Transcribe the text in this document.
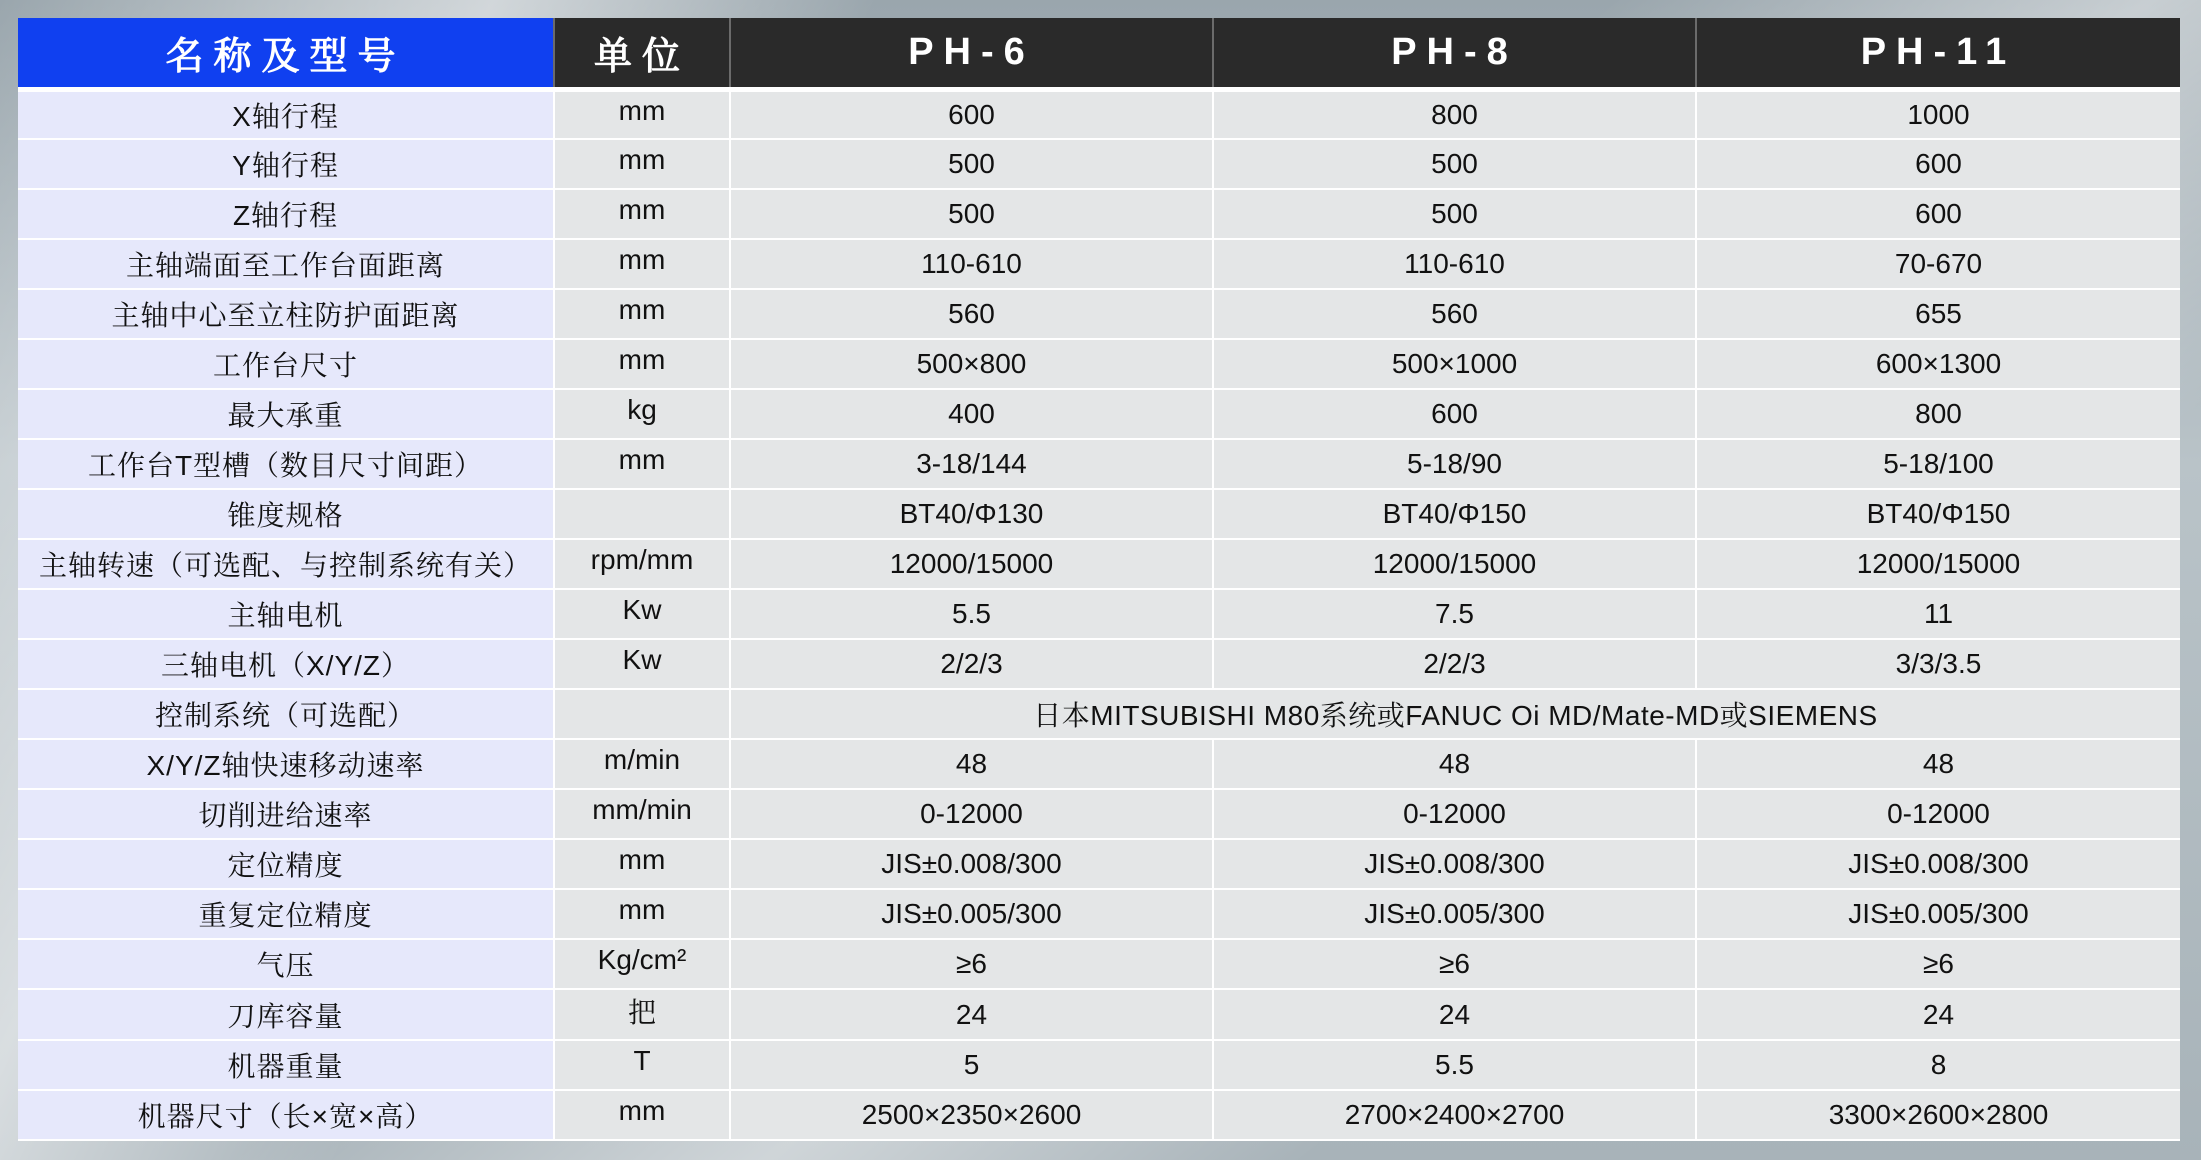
名称及型号	单位	PH-6	PH-8	PH-11
X轴行程	mm	600	800	1000
Y轴行程	mm	500	500	600
Z轴行程	mm	500	500	600
主轴端面至工作台面距离	mm	110-610	110-610	70-670
主轴中心至立柱防护面距离	mm	560	560	655
工作台尺寸	mm	500×800	500×1000	600×1300
最大承重	kg	400	600	800
工作台T型槽（数目尺寸间距）	mm	3-18/144	5-18/90	5-18/100
锥度规格		BT40/Φ130	BT40/Φ150	BT40/Φ150
主轴转速（可选配、与控制系统有关）	rpm/mm	12000/15000	12000/15000	12000/15000
主轴电机	Kw	5.5	7.5	11
三轴电机（X/Y/Z）	Kw	2/2/3	2/2/3	3/3/3.5
控制系统（可选配）		日本MITSUBISHI M80系统或FANUC Oi MD/Mate-MD或SIEMENS		
X/Y/Z轴快速移动速率	m/min	48	48	48
切削进给速率	mm/min	0-12000	0-12000	0-12000
定位精度	mm	JIS±0.008/300	JIS±0.008/300	JIS±0.008/300
重复定位精度	mm	JIS±0.005/300	JIS±0.005/300	JIS±0.005/300
气压	Kg/cm²	≥6	≥6	≥6
刀库容量	把	24	24	24
机器重量	T	5	5.5	8
机器尺寸（长×宽×高）	mm	2500×2350×2600	2700×2400×2700	3300×2600×2800
